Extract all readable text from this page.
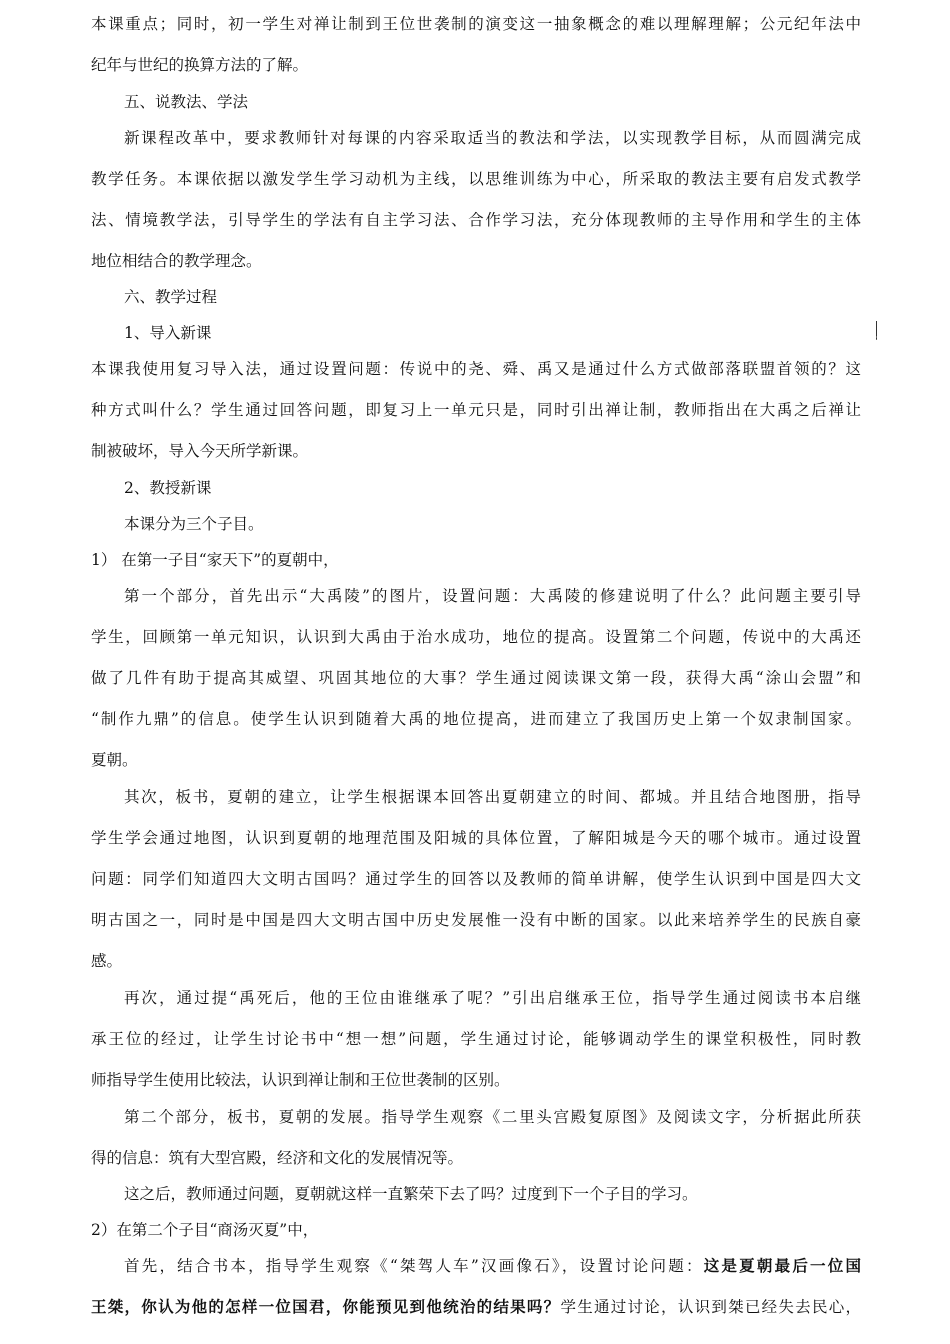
本课重点；同时，初一学生对禅让制到王位世袭制的演变这一抽象概念的难以理解理解；公元纪年法中
纪年与世纪的换算方法的了解。
五、说教法、学法
新课程改革中，要求教师针对每课的内容采取适当的教法和学法，以实现教学目标，从而圆满完成
教学任务。本课依据以激发学生学习动机为主线，以思维训练为中心，所采取的教法主要有启发式教学
法、情境教学法，引导学生的学法有自主学习法、合作学习法，充分体现教师的主导作用和学生的主体
地位相结合的教学理念。
六、教学过程
1、导入新课
本课我使用复习导入法，通过设置问题：传说中的尧、舜、禹又是通过什么方式做部落联盟首领的？这
种方式叫什么？学生通过回答问题，即复习上一单元只是，同时引出禅让制，教师指出在大禹之后禅让
制被破坏，导入今天所学新课。
2、教授新课
本课分为三个子目。
1） 在第一子目“家天下”的夏朝中，
第一个部分，首先出示“大禹陵”的图片，设置问题：大禹陵的修建说明了什么？此问题主要引导
学生，回顾第一单元知识，认识到大禹由于治水成功，地位的提高。设置第二个问题，传说中的大禹还
做了几件有助于提高其威望、巩固其地位的大事？学生通过阅读课文第一段，获得大禹“涂山会盟”和
“制作九鼎”的信息。使学生认识到随着大禹的地位提高，进而建立了我国历史上第一个奴隶制国家。
夏朝。
其次，板书，夏朝的建立，让学生根据课本回答出夏朝建立的时间、都城。并且结合地图册，指导
学生学会通过地图，认识到夏朝的地理范围及阳城的具体位置，了解阳城是今天的哪个城市。通过设置
问题：同学们知道四大文明古国吗？通过学生的回答以及教师的简单讲解，使学生认识到中国是四大文
明古国之一，同时是中国是四大文明古国中历史发展惟一没有中断的国家。以此来培养学生的民族自豪
感。
再次，通过提“禹死后，他的王位由谁继承了呢？”引出启继承王位，指导学生通过阅读书本启继
承王位的经过，让学生讨论书中“想一想”问题，学生通过讨论，能够调动学生的课堂积极性，同时教
师指导学生使用比较法，认识到禅让制和王位世袭制的区别。
第二个部分，板书，夏朝的发展。指导学生观察《二里头宫殿复原图》及阅读文字，分析据此所获
得的信息：筑有大型宫殿，经济和文化的发展情况等。
这之后，教师通过问题，夏朝就这样一直繁荣下去了吗？过度到下一个子目的学习。
2）在第二个子目“商汤灭夏”中，
首先，结合书本，指导学生观察《“桀驾人车”汉画像石》，设置讨论问题：这是夏朝最后一位国
王桀，你认为他的怎样一位国君，你能预见到他统治的结果吗？学生通过讨论，认识到桀已经失去民心，
